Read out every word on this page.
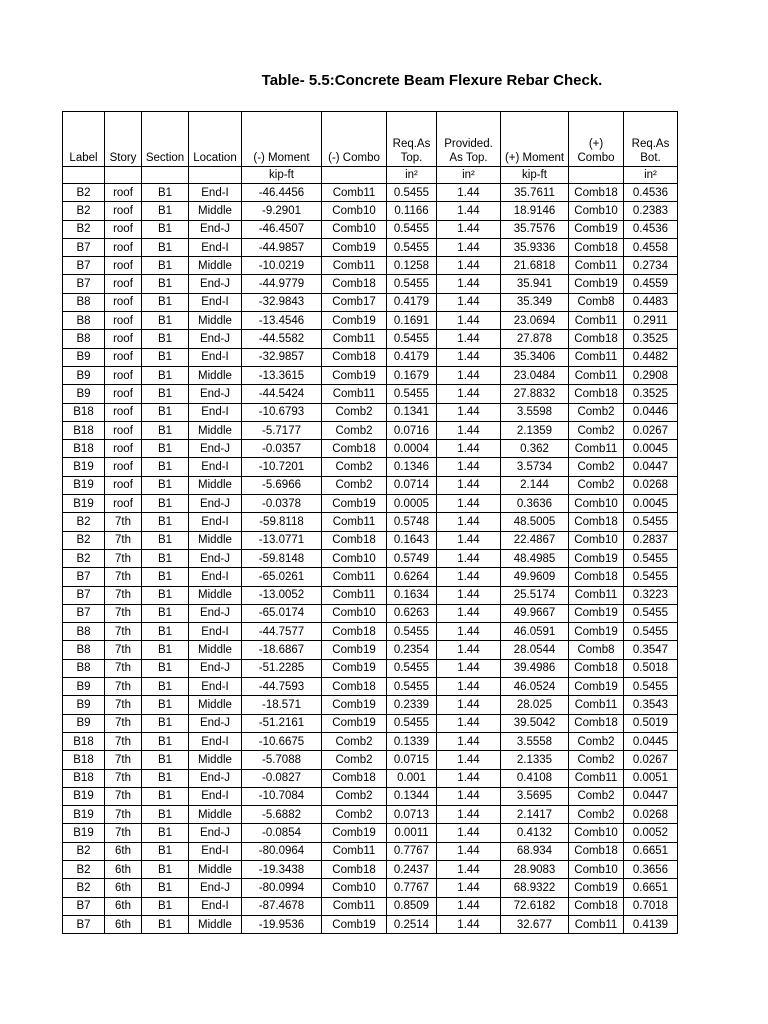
Table- 5.5:Concrete Beam Flexure Rebar Check.
Label	Story	Section	Location	(-) Moment	(-) Combo	Req.As Top.	Provided. As Top.	(+) Moment	(+) Combo	Req.As Bot.
				kip-ft		in²	in²	kip-ft		in²
B2	roof	B1	End-I	-46.4456	Comb11	0.5455	1.44	35.7611	Comb18	0.4536
B2	roof	B1	Middle	-9.2901	Comb10	0.1166	1.44	18.9146	Comb10	0.2383
B2	roof	B1	End-J	-46.4507	Comb10	0.5455	1.44	35.7576	Comb19	0.4536
B7	roof	B1	End-I	-44.9857	Comb19	0.5455	1.44	35.9336	Comb18	0.4558
B7	roof	B1	Middle	-10.0219	Comb11	0.1258	1.44	21.6818	Comb11	0.2734
B7	roof	B1	End-J	-44.9779	Comb18	0.5455	1.44	35.941	Comb19	0.4559
B8	roof	B1	End-I	-32.9843	Comb17	0.4179	1.44	35.349	Comb8	0.4483
B8	roof	B1	Middle	-13.4546	Comb19	0.1691	1.44	23.0694	Comb11	0.2911
B8	roof	B1	End-J	-44.5582	Comb11	0.5455	1.44	27.878	Comb18	0.3525
B9	roof	B1	End-I	-32.9857	Comb18	0.4179	1.44	35.3406	Comb11	0.4482
B9	roof	B1	Middle	-13.3615	Comb19	0.1679	1.44	23.0484	Comb11	0.2908
B9	roof	B1	End-J	-44.5424	Comb11	0.5455	1.44	27.8832	Comb18	0.3525
B18	roof	B1	End-I	-10.6793	Comb2	0.1341	1.44	3.5598	Comb2	0.0446
B18	roof	B1	Middle	-5.7177	Comb2	0.0716	1.44	2.1359	Comb2	0.0267
B18	roof	B1	End-J	-0.0357	Comb18	0.0004	1.44	0.362	Comb11	0.0045
B19	roof	B1	End-I	-10.7201	Comb2	0.1346	1.44	3.5734	Comb2	0.0447
B19	roof	B1	Middle	-5.6966	Comb2	0.0714	1.44	2.144	Comb2	0.0268
B19	roof	B1	End-J	-0.0378	Comb19	0.0005	1.44	0.3636	Comb10	0.0045
B2	7th	B1	End-I	-59.8118	Comb11	0.5748	1.44	48.5005	Comb18	0.5455
B2	7th	B1	Middle	-13.0771	Comb18	0.1643	1.44	22.4867	Comb10	0.2837
B2	7th	B1	End-J	-59.8148	Comb10	0.5749	1.44	48.4985	Comb19	0.5455
B7	7th	B1	End-I	-65.0261	Comb11	0.6264	1.44	49.9609	Comb18	0.5455
B7	7th	B1	Middle	-13.0052	Comb11	0.1634	1.44	25.5174	Comb11	0.3223
B7	7th	B1	End-J	-65.0174	Comb10	0.6263	1.44	49.9667	Comb19	0.5455
B8	7th	B1	End-I	-44.7577	Comb18	0.5455	1.44	46.0591	Comb19	0.5455
B8	7th	B1	Middle	-18.6867	Comb19	0.2354	1.44	28.0544	Comb8	0.3547
B8	7th	B1	End-J	-51.2285	Comb19	0.5455	1.44	39.4986	Comb18	0.5018
B9	7th	B1	End-I	-44.7593	Comb18	0.5455	1.44	46.0524	Comb19	0.5455
B9	7th	B1	Middle	-18.571	Comb19	0.2339	1.44	28.025	Comb11	0.3543
B9	7th	B1	End-J	-51.2161	Comb19	0.5455	1.44	39.5042	Comb18	0.5019
B18	7th	B1	End-I	-10.6675	Comb2	0.1339	1.44	3.5558	Comb2	0.0445
B18	7th	B1	Middle	-5.7088	Comb2	0.0715	1.44	2.1335	Comb2	0.0267
B18	7th	B1	End-J	-0.0827	Comb18	0.001	1.44	0.4108	Comb11	0.0051
B19	7th	B1	End-I	-10.7084	Comb2	0.1344	1.44	3.5695	Comb2	0.0447
B19	7th	B1	Middle	-5.6882	Comb2	0.0713	1.44	2.1417	Comb2	0.0268
B19	7th	B1	End-J	-0.0854	Comb19	0.0011	1.44	0.4132	Comb10	0.0052
B2	6th	B1	End-I	-80.0964	Comb11	0.7767	1.44	68.934	Comb18	0.6651
B2	6th	B1	Middle	-19.3438	Comb18	0.2437	1.44	28.9083	Comb10	0.3656
B2	6th	B1	End-J	-80.0994	Comb10	0.7767	1.44	68.9322	Comb19	0.6651
B7	6th	B1	End-I	-87.4678	Comb11	0.8509	1.44	72.6182	Comb18	0.7018
B7	6th	B1	Middle	-19.9536	Comb19	0.2514	1.44	32.677	Comb11	0.4139
